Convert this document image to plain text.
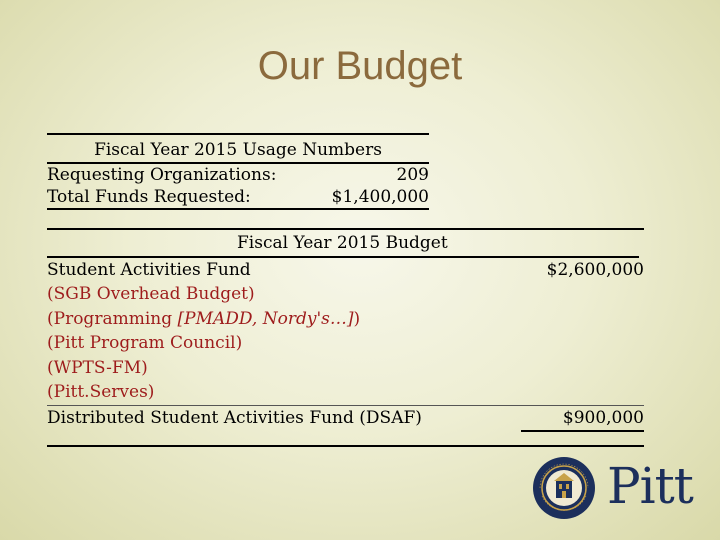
Our Budget
Fiscal Year 2015 Usage Numbers
Requesting Organizations:	209
Total Funds Requested:	$1,400,000
Fiscal Year 2015 Budget
Student Activities Fund	$2,600,000
(SGB Overhead Budget)
(Programming [PMADD, Nordy's…])
(Pitt Program Council)
(WPTS-FM)
(Pitt.Serves)
Distributed Student Activities Fund (DSAF)	$900,000
Pitt
